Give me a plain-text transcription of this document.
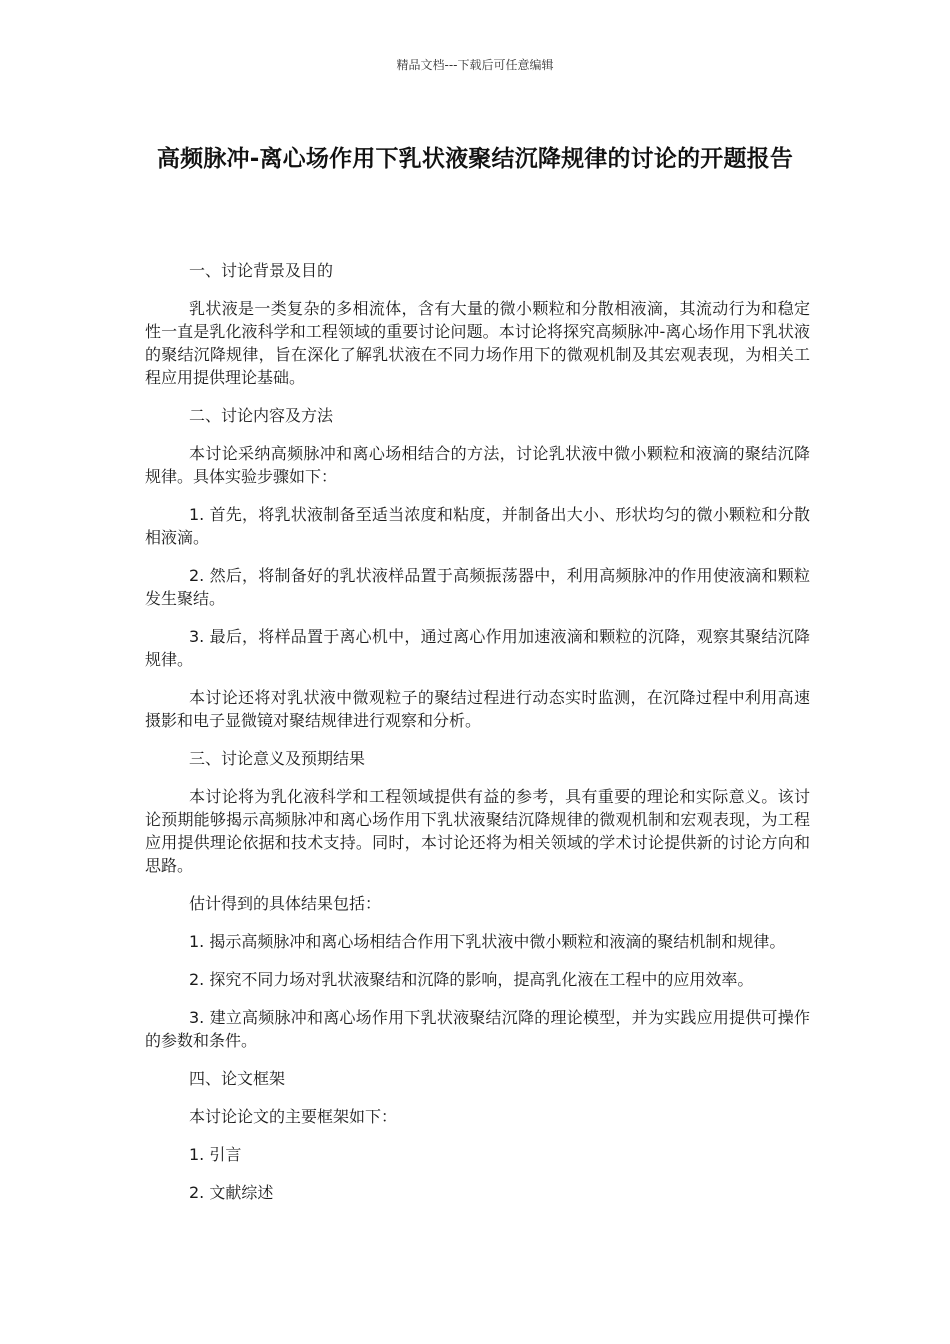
精品文档---下载后可任意编辑
高频脉冲-离心场作用下乳状液聚结沉降规律的讨论的开题报告

一、讨论背景及目的

乳状液是一类复杂的多相流体，含有大量的微小颗粒和分散相液滴，其流动行为和稳定性一直是乳化液科学和工程领域的重要讨论问题。本讨论将探究高频脉冲-离心场作用下乳状液的聚结沉降规律，旨在深化了解乳状液在不同力场作用下的微观机制及其宏观表现，为相关工程应用提供理论基础。

二、讨论内容及方法

本讨论采纳高频脉冲和离心场相结合的方法，讨论乳状液中微小颗粒和液滴的聚结沉降规律。具体实验步骤如下：

1. 首先，将乳状液制备至适当浓度和粘度，并制备出大小、形状均匀的微小颗粒和分散相液滴。

2. 然后，将制备好的乳状液样品置于高频振荡器中，利用高频脉冲的作用使液滴和颗粒发生聚结。

3. 最后，将样品置于离心机中，通过离心作用加速液滴和颗粒的沉降，观察其聚结沉降规律。

本讨论还将对乳状液中微观粒子的聚结过程进行动态实时监测，在沉降过程中利用高速摄影和电子显微镜对聚结规律进行观察和分析。

三、讨论意义及预期结果

本讨论将为乳化液科学和工程领域提供有益的参考，具有重要的理论和实际意义。该讨论预期能够揭示高频脉冲和离心场作用下乳状液聚结沉降规律的微观机制和宏观表现，为工程应用提供理论依据和技术支持。同时，本讨论还将为相关领域的学术讨论提供新的讨论方向和思路。

估计得到的具体结果包括：

1. 揭示高频脉冲和离心场相结合作用下乳状液中微小颗粒和液滴的聚结机制和规律。

2. 探究不同力场对乳状液聚结和沉降的影响，提高乳化液在工程中的应用效率。

3. 建立高频脉冲和离心场作用下乳状液聚结沉降的理论模型，并为实践应用提供可操作的参数和条件。

四、论文框架

本讨论论文的主要框架如下：

1. 引言

2. 文献综述
